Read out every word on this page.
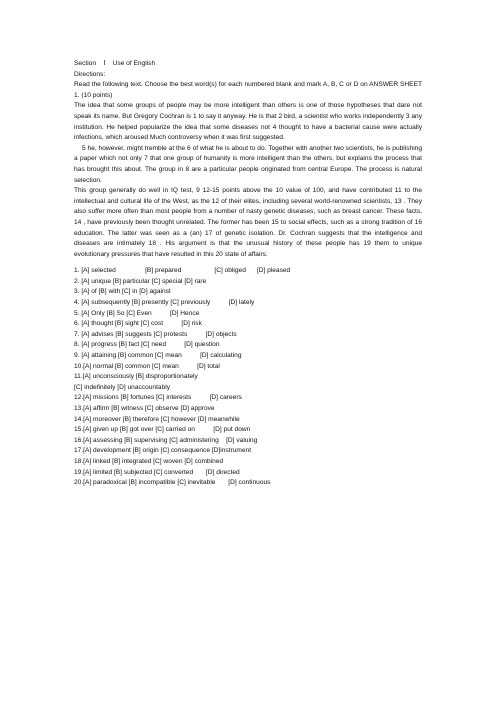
Section    Ⅰ    Use of English
Directions:

Read the following text. Choose the best word(s) for each numbered blank and mark A, B, C or D on ANSWER SHEET 1. (10 points)

The idea that some groups of people may be more intelligent than others is one of those hypotheses that dare not speak its name. But Gregory Cochran is 1 to say it anyway. He is that 2 bird, a scientist who works independently 3 any institution. He helped popularize the idea that some diseases not 4 thought to have a bacterial cause were actually infections, which aroused Much controversy when it was first suggested.

5 he, however, might tremble at the 6 of what he is about to do. Together with another two scientists, he is publishing a paper which not only 7 that one group of humanity is more intelligent than the others, but explains the process that has brought this about. The group in 8 are a particular people originated from central Europe. The process is natural selection.

This group generally do well in IQ test, 9 12-15 points above the 10 value of 100, and have contributed 11 to the intellectual and cultural life of the West, as the 12 of their elites, including several world-renowned scientists, 13 . They also suffer more often than most people from a number of nasty genetic diseases, such as breast cancer. These facts, 14 , have previously been thought unrelated. The former has been 15 to social effects, such as a strong tradition of 16 education. The latter was seen as a (an) 17 of genetic isolation. Dr. Cochran suggests that the intelligence and diseases are intimately 18 . His argument is that the unusual history of these people has 19 them to unique evolutionary pressures that have resulted in this 20 state of affairs.

1. [A] selected                [B] prepared                  [C] obliged      [D] pleased

2. [A] unique [B] particular [C] special [D] rare

3. [A] of [B] with [C] in [D] against

4. [A] subsequently [B] presently [C] previously          [D] lately

5. [A] Only [B] So [C] Even          [D] Hence

6. [A] thought [B] sight [C] cost          [D] risk

7. [A] advises [B] suggests [C] protests          [D] objects

8. [A] progress [B] fact [C] need          [D] question

9. [A] attaining [B] common [C] mean          [D] calculating

10.[A] normal [B] common [C] mean          [D] total

11.[A] unconsciously [B] disproportionately

[C] indefinitely [D] unaccountably

12.[A] missions [B] fortunes [C] interests          [D] careers

13.[A] affirm [B] witness [C] observe [D] approve

14.[A] moreover [B] therefore [C] however [D] meanwhile

15.[A] given up [B] got over [C] carried on          [D] put down

16.[A] assessing [B] supervising [C] administering    [D] valuing

17.[A] development [B] origin [C] consequence [D]instrument

18.[A] linked [B] integrated [C] woven [D] combined

19.[A] limited [B] subjected [C] converted       [D] directed

20.[A] paradoxical [B] incompatible [C] inevitable       [D] continuous
